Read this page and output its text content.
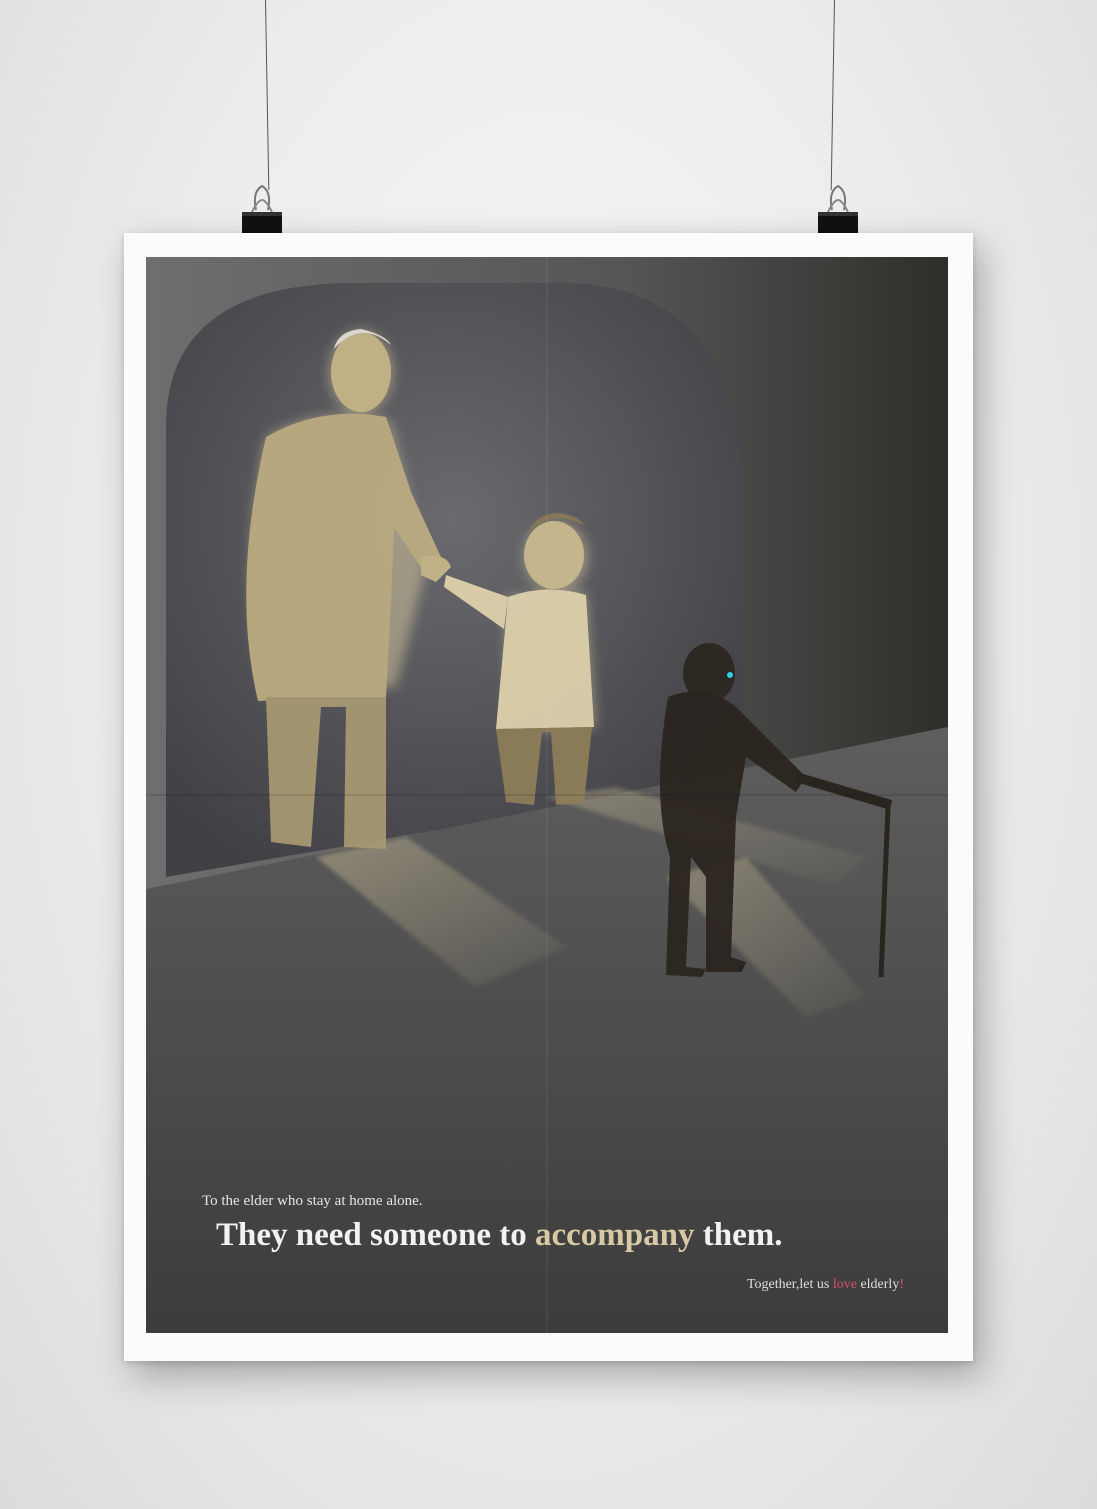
To the elder who stay at home alone.
They need someone to accompany them.
Together,let us love elderly!
